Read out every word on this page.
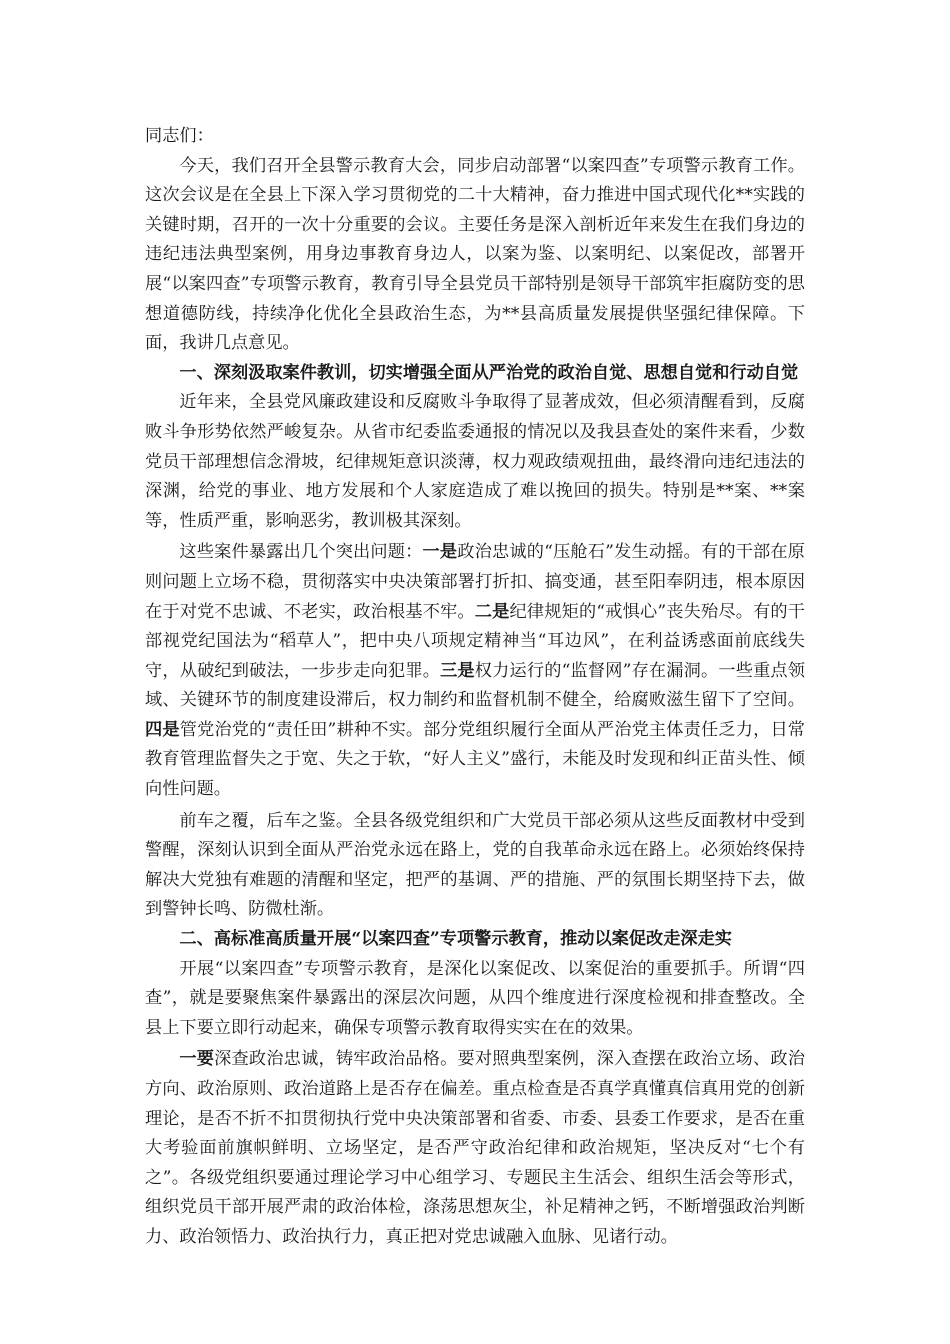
同志们：

今天，我们召开全县警示教育大会，同步启动部署“以案四查”专项警示教育工作。这次会议是在全县上下深入学习贯彻党的二十大精神，奋力推进中国式现代化**实践的关键时期，召开的一次十分重要的会议。主要任务是深入剖析近年来发生在我们身边的违纪违法典型案例，用身边事教育身边人，以案为鉴、以案明纪、以案促改，部署开展“以案四查”专项警示教育，教育引导全县党员干部特别是领导干部筑牢拒腐防变的思想道德防线，持续净化优化全县政治生态，为**县高质量发展提供坚强纪律保障。下面，我讲几点意见。

一、深刻汲取案件教训，切实增强全面从严治党的政治自觉、思想自觉和行动自觉

近年来，全县党风廉政建设和反腐败斗争取得了显著成效，但必须清醒看到，反腐败斗争形势依然严峻复杂。从省市纪委监委通报的情况以及我县查处的案件来看，少数党员干部理想信念滑坡，纪律规矩意识淡薄，权力观政绩观扭曲，最终滑向违纪违法的深渊，给党的事业、地方发展和个人家庭造成了难以挽回的损失。特别是**案、**案等，性质严重，影响恶劣，教训极其深刻。

这些案件暴露出几个突出问题：一是政治忠诚的“压舱石”发生动摇。有的干部在原则问题上立场不稳，贯彻落实中央决策部署打折扣、搞变通，甚至阳奉阴违，根本原因在于对党不忠诚、不老实，政治根基不牢。二是纪律规矩的“戒惧心”丧失殆尽。有的干部视党纪国法为“稻草人”，把中央八项规定精神当“耳边风”，在利益诱惑面前底线失守，从破纪到破法，一步步走向犯罪。三是权力运行的“监督网”存在漏洞。一些重点领域、关键环节的制度建设滞后，权力制约和监督机制不健全，给腐败滋生留下了空间。四是管党治党的“责任田”耕种不实。部分党组织履行全面从严治党主体责任乏力，日常教育管理监督失之于宽、失之于软，“好人主义”盛行，未能及时发现和纠正苗头性、倾向性问题。

前车之覆，后车之鉴。全县各级党组织和广大党员干部必须从这些反面教材中受到警醒，深刻认识到全面从严治党永远在路上，党的自我革命永远在路上。必须始终保持解决大党独有难题的清醒和坚定，把严的基调、严的措施、严的氛围长期坚持下去，做到警钟长鸣、防微杜渐。

二、高标准高质量开展“以案四查”专项警示教育，推动以案促改走深走实

开展“以案四查”专项警示教育，是深化以案促改、以案促治的重要抓手。所谓“四查”，就是要聚焦案件暴露出的深层次问题，从四个维度进行深度检视和排查整改。全县上下要立即行动起来，确保专项警示教育取得实实在在的效果。

一要深查政治忠诚，铸牢政治品格。要对照典型案例，深入查摆在政治立场、政治方向、政治原则、政治道路上是否存在偏差。重点检查是否真学真懂真信真用党的创新理论，是否不折不扣贯彻执行党中央决策部署和省委、市委、县委工作要求，是否在重大考验面前旗帜鲜明、立场坚定，是否严守政治纪律和政治规矩，坚决反对“七个有之”。各级党组织要通过理论学习中心组学习、专题民主生活会、组织生活会等形式，组织党员干部开展严肃的政治体检，涤荡思想灰尘，补足精神之钙，不断增强政治判断力、政治领悟力、政治执行力，真正把对党忠诚融入血脉、见诸行动。
